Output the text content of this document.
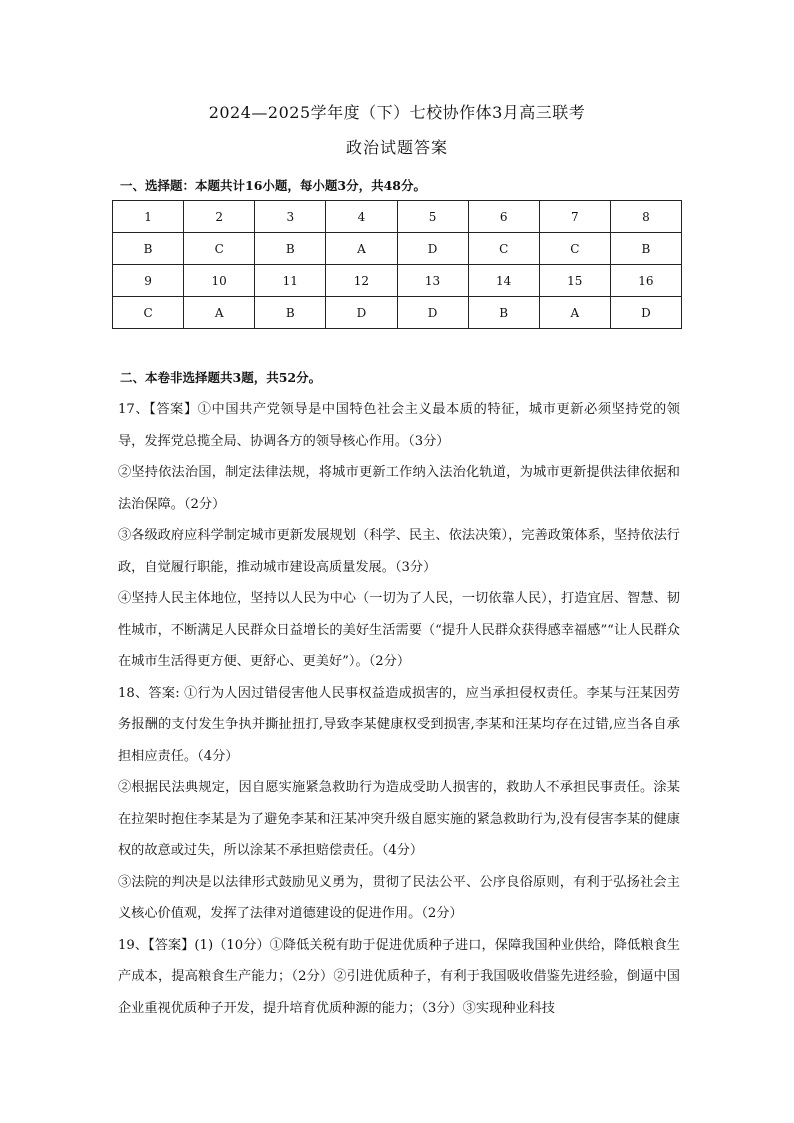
2024—2025学年度（下）七校协作体3月高三联考
政治试题答案
一、选择题：本题共计16小题，每小题3分，共48分。
1	2	3	4	5	6	7	8
B	C	B	A	D	C	C	B
9	10	11	12	13	14	15	16
C	A	B	D	D	B	A	D
二、本卷非选择题共3题，共52分。

17、【答案】①中国共产党领导是中国特色社会主义最本质的特征，城市更新必须坚持党的领导，发挥党总揽全局、协调各方的领导核心作用。（3分）

②坚持依法治国，制定法律法规，将城市更新工作纳入法治化轨道，为城市更新提供法律依据和法治保障。（2分）

③各级政府应科学制定城市更新发展规划（科学、民主、依法决策），完善政策体系，坚持依法行政，自觉履行职能，推动城市建设高质量发展。（3分）

④坚持人民主体地位，坚持以人民为中心（一切为了人民，一切依靠人民），打造宜居、智慧、韧性城市，不断满足人民群众日益增长的美好生活需要（“提升人民群众获得感幸福感”“让人民群众在城市生活得更方便、更舒心、更美好”）。（2分）

18、答案: ①行为人因过错侵害他人民事权益造成损害的，应当承担侵权责任。李某与汪某因劳务报酬的支付发生争执并撕扯扭打,导致李某健康权受到损害,李某和汪某均存在过错,应当各自承担相应责任。（4分）

②根据民法典规定，因自愿实施紧急救助行为造成受助人损害的，救助人不承担民事责任。涂某在拉架时抱住李某是为了避免李某和汪某冲突升级自愿实施的紧急救助行为,没有侵害李某的健康权的故意或过失，所以涂某不承担赔偿责任。（4分）

③法院的判决是以法律形式鼓励见义勇为，贯彻了民法公平、公序良俗原则，有利于弘扬社会主义核心价值观，发挥了法律对道德建设的促进作用。（2分）

19、【答案】(1)（10分）①降低关税有助于促进优质种子进口，保障我国种业供给，降低粮食生产成本，提高粮食生产能力；（2分）②引进优质种子，有利于我国吸收借鉴先进经验，倒逼中国企业重视优质种子开发，提升培育优质种源的能力；（3分）③实现种业科技
